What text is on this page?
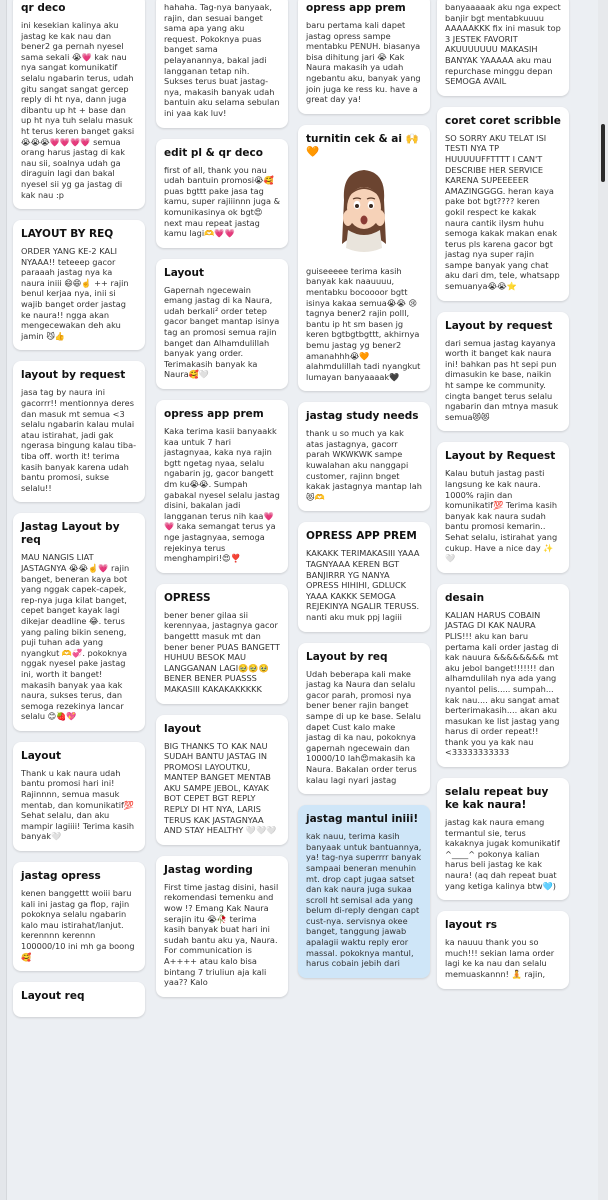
qr deco
ini kesekian kalinya aku jastag ke kak nau dan bener2 ga pernah nyesel sama sekali 😭💗 kak nau nya sangat komunikatif selalu ngabarin terus, udah gitu sangat sangat gercep reply di ht nya, dann juga dibantu up ht + base dan up ht nya tuh selalu masuk ht terus keren banget gaksi 😭😭😭💗💗💗💗 semua orang harus jastag di kak nau sii, soalnya udah ga diraguin lagi dan bakal nyesel sii yg ga jastag di kak nau :p
LAYOUT BY REQ
ORDER YANG KE-2 KALI NYAAA!! teteeep gacor paraaah jastag nya ka naura iniii 😄😄☝️ ++ rajin benul kerjaa nya, inii si wajib banget order jastag ke naura!! ngga akan mengecewakan deh aku jamin 😼👍
layout by request
jasa tag by naura ini gacorrr!! mentionnya deres dan masuk mt semua <3 selalu ngabarin kalau mulai atau istirahat, jadi gak ngerasa bingung kalau tiba-tiba off. worth it! terima kasih banyak karena udah bantu promosi, sukse selalu!!
Jastag Layout by req
MAU NANGIS LIAT JASTAGNYA 😭😭☝️💗 rajin banget, beneran kaya bot yang nggak capek-capek, rep-nya juga kilat banget, cepet banget kayak lagi dikejar deadline 😂. terus yang paling bikin seneng, puji tuhan ada yang nyangkut 🫶💞. pokoknya nggak nyesel pake jastag ini, worth it banget! makasih banyak yaa kak naura, sukses terus, dan semoga rezekinya lancar selalu 😊🍓💖
Layout
Thank u kak naura udah bantu promosi hari ini! Rajinnnn, semua masuk mentab, dan komunikatif💯 Sehat selalu, dan aku mampir lagiiii! Terima kasih banyak🤍
jastag opress
kenen banggettt woiii baru kali ini jastag ga flop, rajin pokoknya selalu ngabarin kalo mau istirahat/lanjut. kerennnn kerennn 100000/10 ini mh ga boong 🥰
Layout req
hahaha. Tag-nya banyaak, rajin, dan sesuai banget sama apa yang aku request. Pokoknya puas banget sama pelayanannya, bakal jadi langganan tetap nih. Sukses terus buat jastag-nya, makasih banyak udah bantuin aku selama sebulan ini yaa kak luv!
edit pl & qr deco
first of all, thank you nau udah bantuin promosi😭🥰 puas bgttt pake jasa tag kamu, super rajiiinnn juga & komunikasinya ok bgt😍 next mau repeat jastag kamu lagi🫶💗💗
Layout
Gapernah ngecewain emang jastag di ka Naura, udah berkali² order tetep gacor banget mantap isinya tag an promosi semua rajin banget dan Alhamdulillah banyak yang order. Terimakasih banyak ka Naura🥰🤍
opress app prem
Kaka terima kasii banyaakk kaa untuk 7 hari jastagnyaa, kaka nya rajin bgtt ngetag nyaa, selalu ngabarin jg, gacor bangett dm ku😭😭. Sumpah gabakal nyesel selalu jastag disini, bakalan jadi langganan terus nih kaa💗💗 kaka semangat terus ya nge jastagnyaa, semoga rejekinya terus menghampiri!😍❣️
OPRESS
bener bener gilaa sii kerennyaa, jastagnya gacor bangettt masuk mt dan bener bener PUAS BANGETT HUHUU BESOK MAU LANGGANAN LAGI🥹🥹🥹 BENER BENER PUASSS MAKASIII KAKAKAKKKKK
layout
BIG THANKS TO KAK NAU SUDAH BANTU JASTAG IN PROMOSI LAYOUTKU, MANTEP BANGET MENTAB AKU SAMPE JEBOL, KAYAK BOT CEPET BGT REPLY REPLY DI HT NYA, LARIS TERUS KAK JASTAGNYAA AND STAY HEALTHY 🤍🤍🤍
Jastag wording
First time jastag disini, hasil rekomendasi temenku and wow !? Emang Kak Naura serajin itu 😭🥀 terima kasih banyak buat hari ini sudah bantu aku ya, Naura. For communication is A++++ atau kalo bisa bintang 7 triuliun aja kali yaa?? Kalo
opress app prem
baru pertama kali dapet jastag opress sampe mentabku PENUH. biasanya bisa dihitung jari 😭 Kak Naura makasih ya udah ngebantu aku, banyak yang join juga ke ress ku. have a great day ya!
turnitin cek & ai 🙌🧡
guiseeeee terima kasih banyak kak naauuuu, mentabku bocoooor bgtt isinya kakaa semua😭😭 😢 tagnya bener2 rajin polll, bantu ip ht sm basen jg keren bgtbgtbgttt, akhirnya bemu jastag yg bener2 amanahhh😭🧡 alahmdulillah tadi nyangkut lumayan banyaaaak🖤
jastag study needs
thank u so much ya kak atas jastagnya, gacorr parah WKWKWK sampe kuwalahan aku nanggapi customer, rajinn bnget kakak jastagnya mantap lah😻🫶
OPRESS APP PREM
KAKAKK TERIMAKASIII YAAA TAGNYAAA KEREN BGT BANJIRRR YG NANYA OPRESS HIHIHI, GDLUCK YAAA KAKKK SEMOGA REJEKINYA NGALIR TERUSS. nanti aku muk ppj lagiii
Layout by req
Udah beberapa kali make jastag ka Naura dan selalu gacor parah, promosi nya bener bener rajin banget sampe di up ke base. Selalu dapet Cust kalo make jastag di ka nau, pokoknya gapernah ngecewain dan 10000/10 lah😍makasih ka Naura. Bakalan order terus kalau lagi nyari jastag
jastag mantul iniii!
kak nauu, terima kasih banyaak untuk bantuannya, ya! tag-nya superrrr banyak sampaai beneran menuhin mt. drop capt jugaa satset dan kak naura juga sukaa scroll ht semisal ada yang belum di-reply dengan capt cust-nya. servisnya okee banget, tanggung jawab apalagii waktu reply eror massal. pokoknya mantul, harus cobain jebih dari
banyaaaaak aku nga expect banjir bgt mentabkuuuu AAAAAKKK fix ini masuk top 3 JESTEK FAVORIT AKUUUUUUU MAKASIH BANYAK YAAAAA aku mau repurchase minggu depan SEMOGA AVAIL
coret coret scribble
SO SORRY AKU TELAT ISI TESTI NYA TP HUUUUUFFTTTT I CAN'T DESCRIBE HER SERVICE KARENA SUPEEEEER AMAZINGGGG. heran kaya pake bot bgt???? keren gokil respect ke kakak naura cantik ilysm huhu semoga kakak makan enak terus pls karena gacor bgt jastag nya super rajin sampe banyak yang chat aku dari dm, tele, whatsapp semuanya😭😭⭐
Layout by request
dari semua jastag kayanya worth it banget kak naura ini! bahkan pas ht sepi pun dimasukin ke base, naikin ht sampe ke community. cingta banget terus selalu ngabarin dan mtnya masuk semua😻😻
Layout by Request
Kalau butuh jastag pasti langsung ke kak naura. 1000% rajin dan komunikatif💯 Terima kasih banyak kak naura sudah bantu promosi kemarin.. Sehat selalu, istirahat yang cukup. Have a nice day ✨🤍
desain
KALIAN HARUS COBAIN JASTAG DI KAK NAURA PLIS!!! aku kan baru pertama kali order jastag di kak nauura &&&&&&&& mt aku jebol banget!!!!!!! dan alhamdulilah nya ada yang nyantol pelis..... sumpah... kak nau.... aku sangat amat berterimakasih.... akan aku masukan ke list jastag yang harus di order repeat!! thank you ya kak nau <33333333333
selalu repeat buy ke kak naura!
jastag kak naura emang termantul sie, terus kakaknya jugak komunikatif ^____^ pokonya kalian harus beli jastag ke kak naura! (aq dah repeat buat yang ketiga kalinya btw🩵)
layout rs
ka nauuu thank you so much!!! sekian lama order lagi ke ka nau dan selalu memuaskannn! 🧘 rajin,
